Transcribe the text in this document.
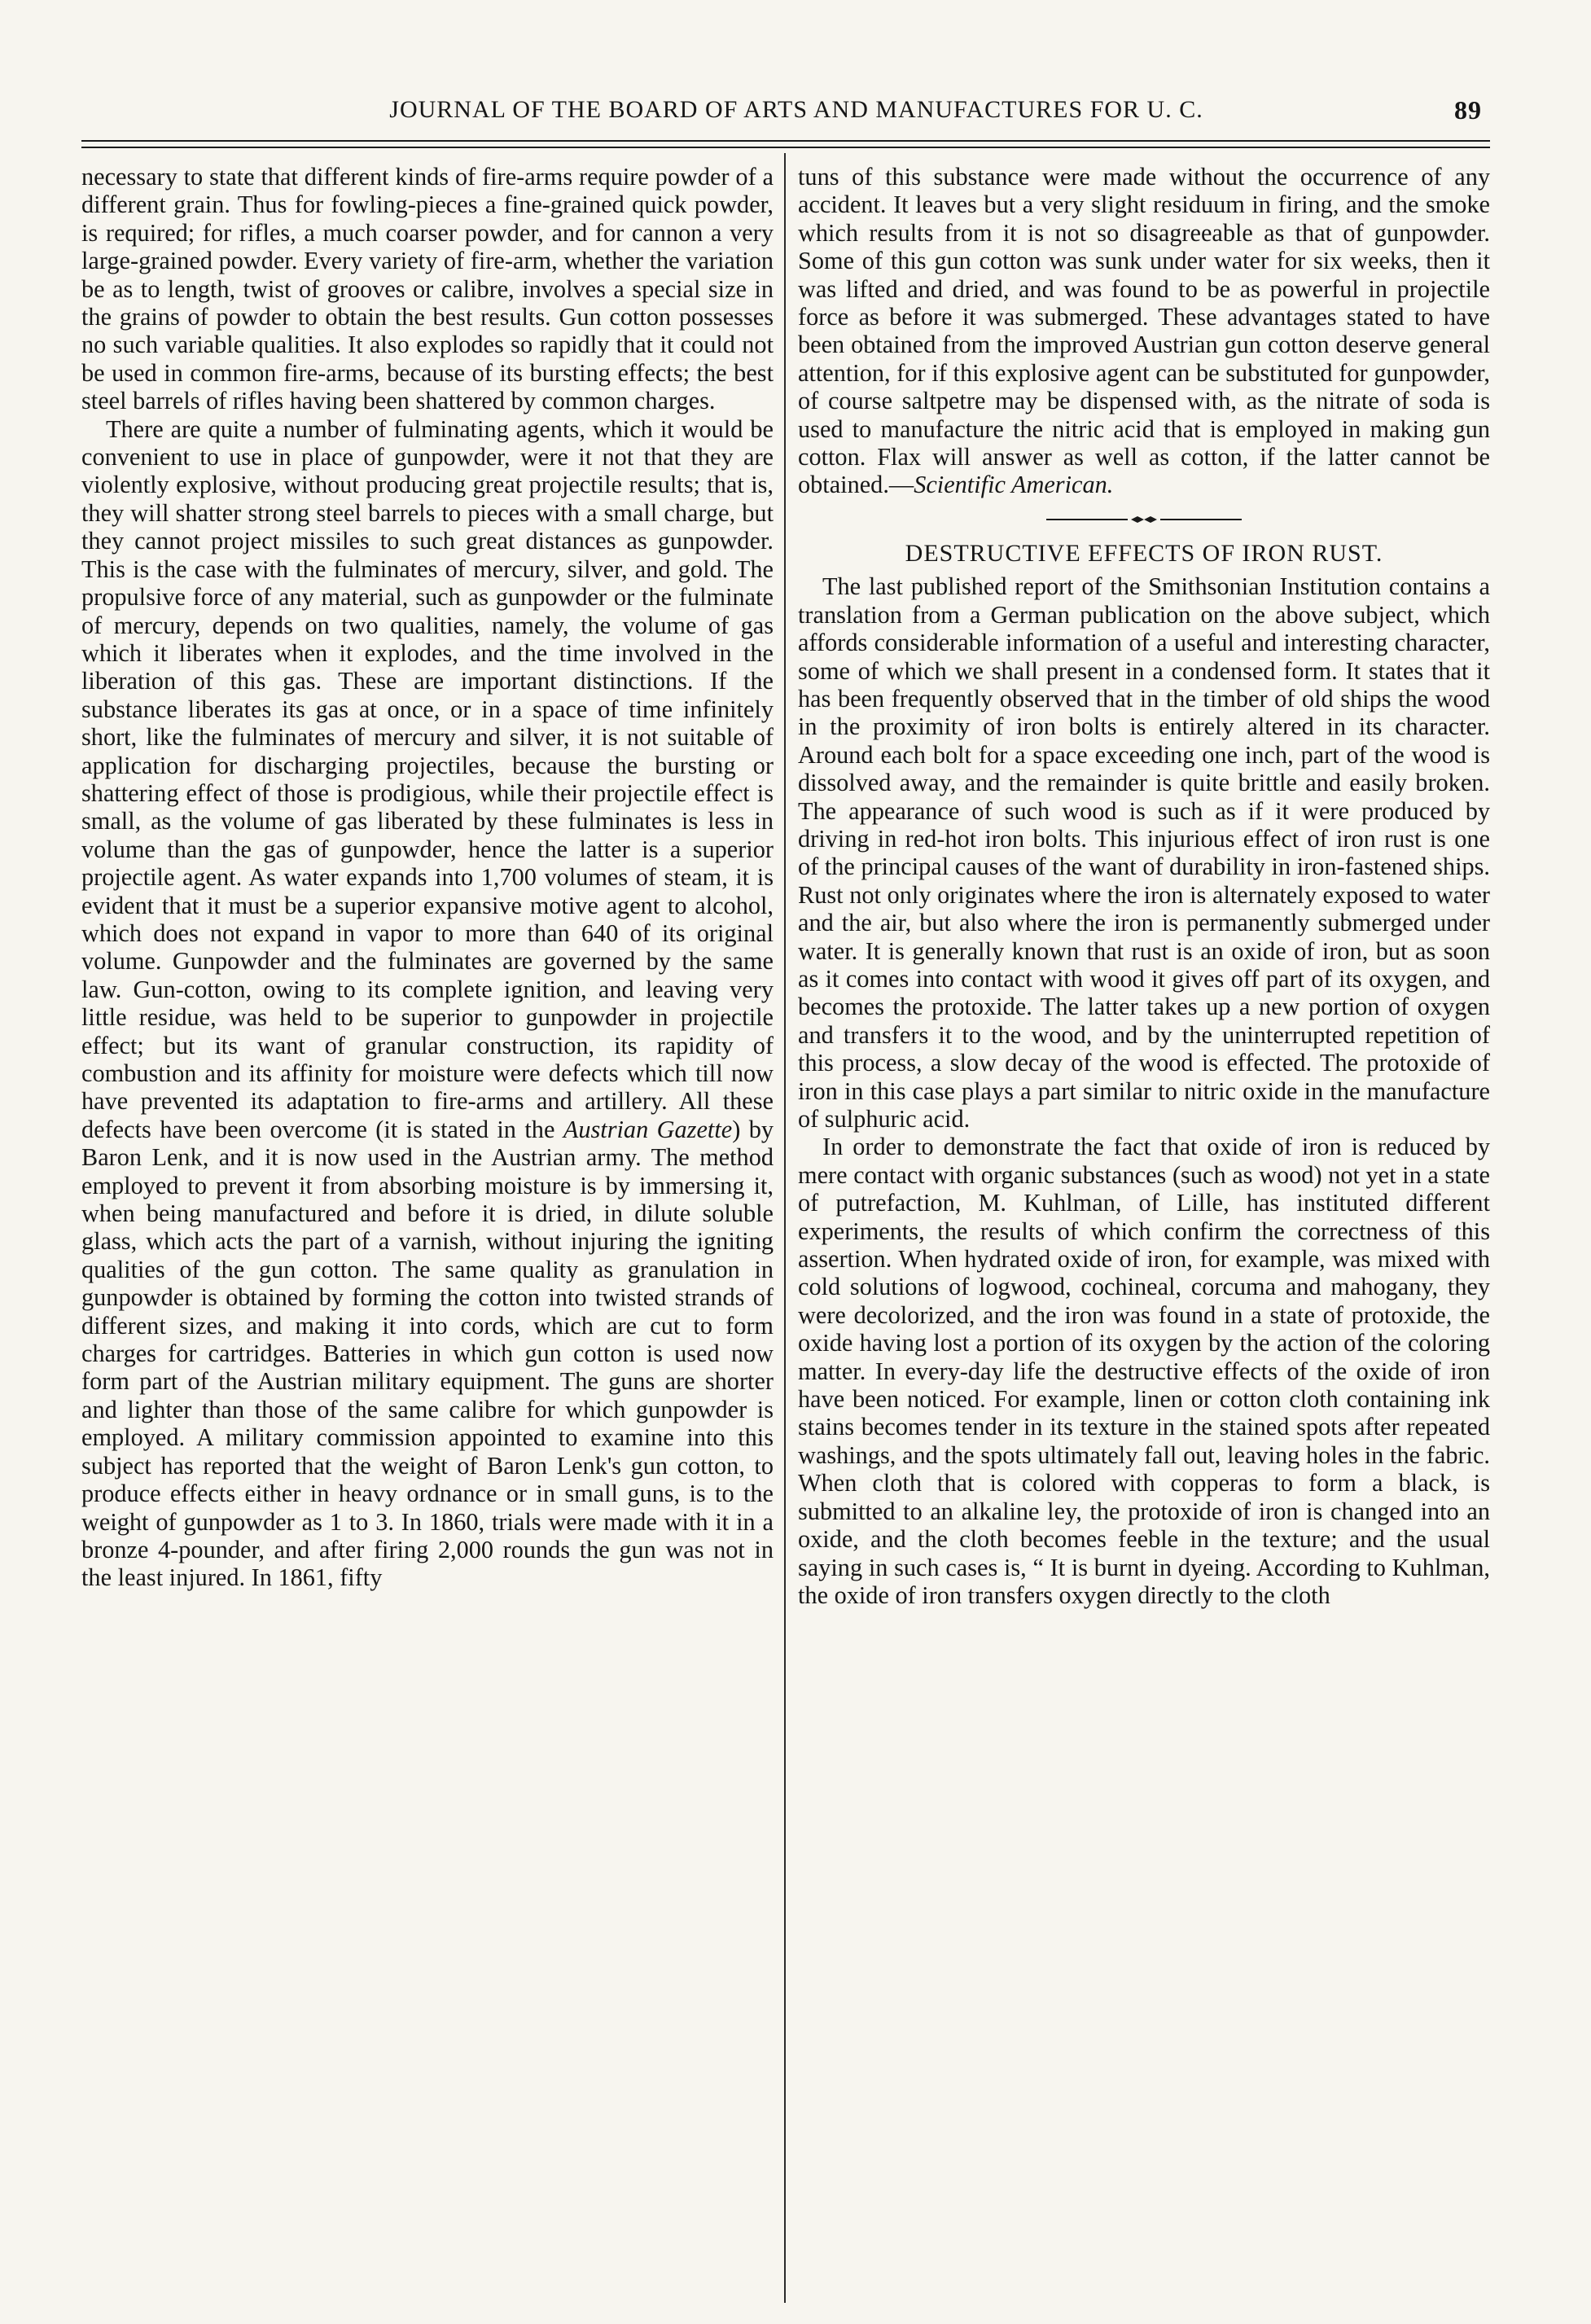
JOURNAL OF THE BOARD OF ARTS AND MANUFACTURES FOR U. C.	89

necessary to state that different kinds of fire-arms require powder of a different grain. Thus for fowling-pieces a fine-grained quick powder, is required; for rifles, a much coarser powder, and for cannon a very large-grained powder. Every variety of fire-arm, whether the variation be as to length, twist of grooves or calibre, involves a special size in the grains of powder to obtain the best results. Gun cotton possesses no such variable qualities. It also explodes so rapidly that it could not be used in common fire-arms, because of its bursting effects; the best steel barrels of rifles having been shattered by common charges.

There are quite a number of fulminating agents, which it would be convenient to use in place of gunpowder, were it not that they are violently explosive, without producing great projectile results; that is, they will shatter strong steel barrels to pieces with a small charge, but they cannot project missiles to such great distances as gunpowder. This is the case with the fulminates of mercury, silver, and gold. The propulsive force of any material, such as gunpowder or the fulminate of mercury, depends on two qualities, namely, the volume of gas which it liberates when it explodes, and the time involved in the liberation of this gas. These are important distinctions. If the substance liberates its gas at once, or in a space of time infinitely short, like the fulminates of mercury and silver, it is not suitable of application for discharging projectiles, because the bursting or shattering effect of those is prodigious, while their projectile effect is small, as the volume of gas liberated by these fulminates is less in volume than the gas of gunpowder, hence the latter is a superior projectile agent. As water expands into 1,700 volumes of steam, it is evident that it must be a superior expansive motive agent to alcohol, which does not expand in vapor to more than 640 of its original volume. Gunpowder and the fulminates are governed by the same law. Gun-cotton, owing to its complete ignition, and leaving very little residue, was held to be superior to gunpowder in projectile effect; but its want of granular construction, its rapidity of combustion and its affinity for moisture were defects which till now have prevented its adaptation to fire-arms and artillery. All these defects have been overcome (it is stated in the Austrian Gazette) by Baron Lenk, and it is now used in the Austrian army. The method employed to prevent it from absorbing moisture is by immersing it, when being manufactured and before it is dried, in dilute soluble glass, which acts the part of a varnish, without injuring the igniting qualities of the gun cotton. The same quality as granulation in gunpowder is obtained by forming the cotton into twisted strands of different sizes, and making it into cords, which are cut to form charges for cartridges. Batteries in which gun cotton is used now form part of the Austrian military equipment. The guns are shorter and lighter than those of the same calibre for which gunpowder is employed. A military commission appointed to examine into this subject has reported that the weight of Baron Lenk's gun cotton, to produce effects either in heavy ordnance or in small guns, is to the weight of gunpowder as 1 to 3. In 1860, trials were made with it in a bronze 4-pounder, and after firing 2,000 rounds the gun was not in the least injured. In 1861, fifty

tuns of this substance were made without the occurrence of any accident. It leaves but a very slight residuum in firing, and the smoke which results from it is not so disagreeable as that of gunpowder. Some of this gun cotton was sunk under water for six weeks, then it was lifted and dried, and was found to be as powerful in projectile force as before it was submerged. These advantages stated to have been obtained from the improved Austrian gun cotton deserve general attention, for if this explosive agent can be substituted for gunpowder, of course saltpetre may be dispensed with, as the nitrate of soda is used to manufacture the nitric acid that is employed in making gun cotton. Flax will answer as well as cotton, if the latter cannot be obtained.—Scientific American.

DESTRUCTIVE EFFECTS OF IRON RUST.

The last published report of the Smithsonian Institution contains a translation from a German publication on the above subject, which affords considerable information of a useful and interesting character, some of which we shall present in a condensed form. It states that it has been frequently observed that in the timber of old ships the wood in the proximity of iron bolts is entirely altered in its character. Around each bolt for a space exceeding one inch, part of the wood is dissolved away, and the remainder is quite brittle and easily broken. The appearance of such wood is such as if it were produced by driving in red-hot iron bolts. This injurious effect of iron rust is one of the principal causes of the want of durability in iron-fastened ships. Rust not only originates where the iron is alternately exposed to water and the air, but also where the iron is permanently submerged under water. It is generally known that rust is an oxide of iron, but as soon as it comes into contact with wood it gives off part of its oxygen, and becomes the protoxide. The latter takes up a new portion of oxygen and transfers it to the wood, and by the uninterrupted repetition of this process, a slow decay of the wood is effected. The protoxide of iron in this case plays a part similar to nitric oxide in the manufacture of sulphuric acid.

In order to demonstrate the fact that oxide of iron is reduced by mere contact with organic substances (such as wood) not yet in a state of putrefaction, M. Kuhlman, of Lille, has instituted different experiments, the results of which confirm the correctness of this assertion. When hydrated oxide of iron, for example, was mixed with cold solutions of logwood, cochineal, corcuma and mahogany, they were decolorized, and the iron was found in a state of protoxide, the oxide having lost a portion of its oxygen by the action of the coloring matter. In every-day life the destructive effects of the oxide of iron have been noticed. For example, linen or cotton cloth containing ink stains becomes tender in its texture in the stained spots after repeated washings, and the spots ultimately fall out, leaving holes in the fabric. When cloth that is colored with copperas to form a black, is submitted to an alkaline ley, the protoxide of iron is changed into an oxide, and the cloth becomes feeble in the texture; and the usual saying in such cases is, “ It is burnt in dyeing. According to Kuhlman, the oxide of iron transfers oxygen directly to the cloth
